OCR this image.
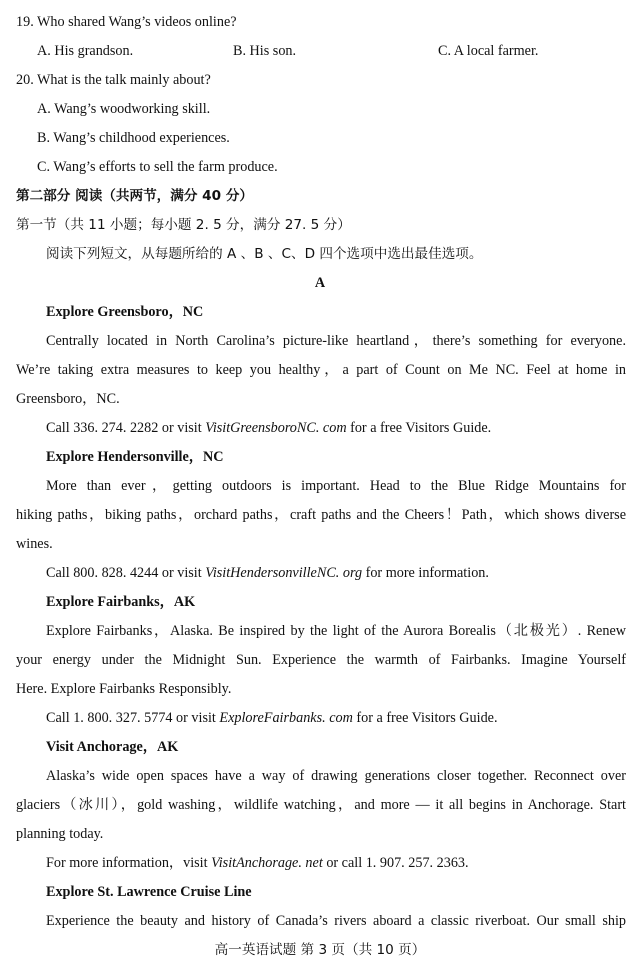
19. Who shared Wang’s videos online?
A. His grandson.	B. His son.	C. A local farmer.
20. What is the talk mainly about?
A. Wang’s woodworking skill.
B. Wang’s childhood experiences.
C. Wang’s efforts to sell the farm produce.
第二部分 阅读（共两节，满分 40 分）
第一节（共 11 小题；每小题 2. 5 分，满分 27. 5 分）
阅读下列短文，从每题所给的 A 、B 、C、D 四个选项中选出最佳选项。
A
Explore Greensboro，NC
Centrally located in North Carolina’s picture-like heartland，there’s something for everyone.
We’re taking extra measures to keep you healthy，a part of Count on Me NC. Feel at home in
Greensboro，NC.
Call 336. 274. 2282 or visit VisitGreensboroNC. com for a free Visitors Guide.
Explore Hendersonville，NC
More than ever，getting outdoors is important. Head to the Blue Ridge Mountains for
hiking paths，biking paths，orchard paths，craft paths and the Cheers！Path，which shows diverse
wines.
Call 800. 828. 4244 or visit VisitHendersonvilleNC. org for more information.
Explore Fairbanks，AK
Explore Fairbanks，Alaska. Be inspired by the light of the Aurora Borealis（北极光）. Renew
your energy under the Midnight Sun. Experience the warmth of Fairbanks. Imagine Yourself
Here. Explore Fairbanks Responsibly.
Call 1. 800. 327. 5774 or visit ExploreFairbanks. com for a free Visitors Guide.
Visit Anchorage，AK
Alaska’s wide open spaces have a way of drawing generations closer together. Reconnect over
glaciers（冰川），gold washing，wildlife watching，and more — it all begins in Anchorage. Start
planning today.
For more information，visit VisitAnchorage. net or call 1. 907. 257. 2363.
Explore St. Lawrence Cruise Line
Experience the beauty and history of Canada’s rivers aboard a classic riverboat. Our small ship
高一英语试题 第 3 页（共 10 页）
